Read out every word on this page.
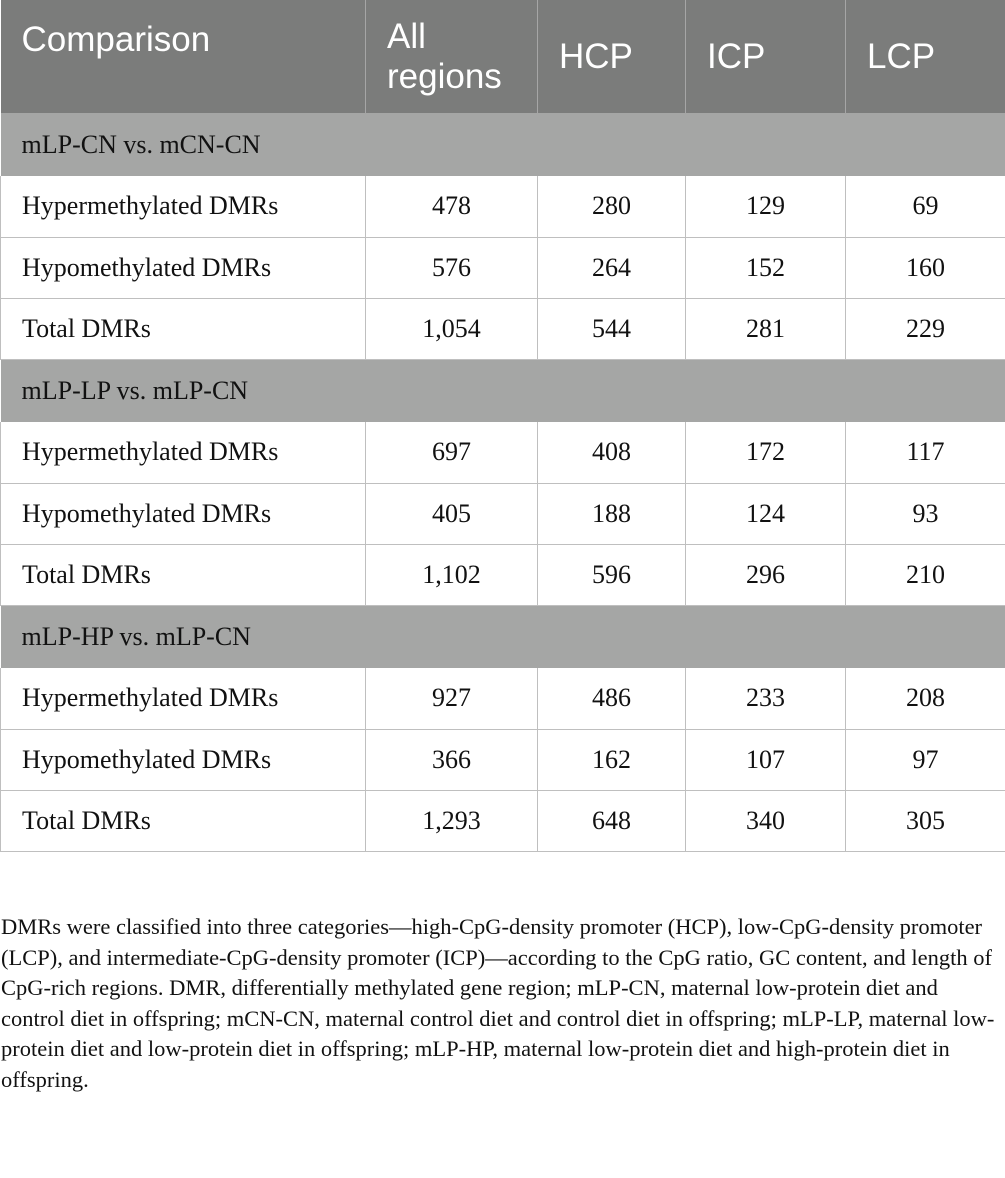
Comparison	All regions	HCP	ICP	LCP
mLP-CN vs. mCN-CN				
Hypermethylated DMRs	478	280	129	69
Hypomethylated DMRs	576	264	152	160
Total DMRs	1,054	544	281	229
mLP-LP vs. mLP-CN				
Hypermethylated DMRs	697	408	172	117
Hypomethylated DMRs	405	188	124	93
Total DMRs	1,102	596	296	210
mLP-HP vs. mLP-CN				
Hypermethylated DMRs	927	486	233	208
Hypomethylated DMRs	366	162	107	97
Total DMRs	1,293	648	340	305

DMRs were classified into three categories—high-CpG-density promoter (HCP), low-CpG-density promoter (LCP), and intermediate-CpG-density promoter (ICP)—according to the CpG ratio, GC content, and length of CpG-rich regions. DMR, differentially methylated gene region; mLP-CN, maternal low-protein diet and control diet in offspring; mCN-CN, maternal control diet and control diet in offspring; mLP-LP, maternal low-protein diet and low-protein diet in offspring; mLP-HP, maternal low-protein diet and high-protein diet in offspring.
